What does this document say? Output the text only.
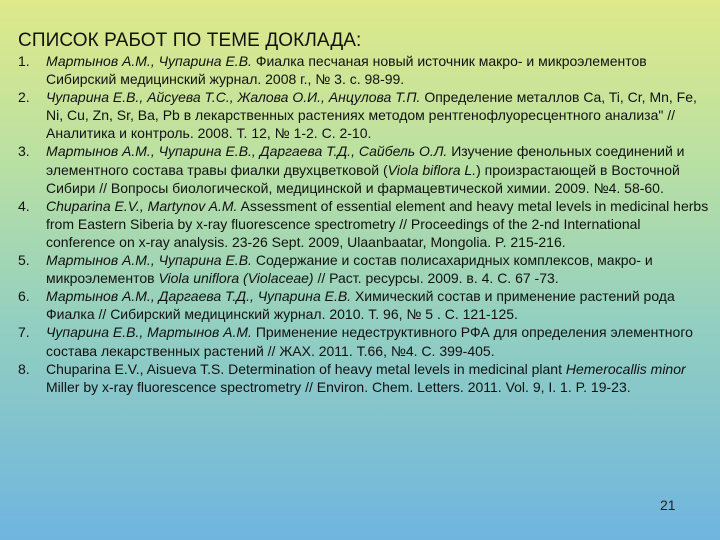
СПИСОК РАБОТ ПО ТЕМЕ ДОКЛАДА:
1. Мартынов А.М., Чупарина Е.В. Фиалка песчаная новый источник макро- и микроэлементов Сибирский медицинский журнал. 2008 г., № 3. с. 98-99.
2. Чупарина Е.В., Айсуева Т.С., Жалова О.И., Анцулова Т.П. Определение металлов Ca, Ti, Cr, Mn, Fe, Ni, Cu, Zn, Sr, Ba, Pb в лекарственных растениях методом рентгенофлуоресцентного анализа" // Аналитика и контроль. 2008. Т. 12, № 1-2. С. 2-10.
3. Мартынов А.М., Чупарина Е.В., Даргаева Т.Д., Сайбель О.Л. Изучение фенольных соединений и элементного состава травы фиалки двухцветковой (Viola biflora L.) произрастающей в Восточной Сибири // Вопросы биологической, медицинской и фармацевтической химии. 2009. №4. 58-60.
4. Chuparina E.V., Martynov A.M. Assessment of essential element and heavy metal levels in medicinal herbs from Eastern Siberia by x-ray fluorescence spectrometry // Proceedings of the 2-nd International conference on x-ray analysis. 23-26 Sept. 2009, Ulaanbaatar, Mongolia. P. 215-216.
5. Мартынов А.М., Чупарина Е.В. Содержание и состав полисахаридных комплексов, макро- и микроэлементов Viola uniflora (Violaceae) // Раст. ресурсы. 2009. в. 4. С. 67 -73.
6. Мартынов А.М., Даргаева Т.Д., Чупарина Е.В. Химический состав и применение растений рода Фиалка // Сибирский медицинский журнал. 2010. Т. 96, № 5 . С. 121-125.
7. Чупарина Е.В., Мартынов А.М. Применение недеструктивного РФА для определения элементного состава лекарственных растений // ЖАХ. 2011. Т.66, №4. С. 399-405.
8. Chuparina E.V., Aisueva T.S. Determination of heavy metal levels in medicinal plant Hemerocallis minor Miller by x-ray fluorescence spectrometry // Environ. Chem. Letters. 2011. Vol. 9, I. 1. P. 19-23.
21
